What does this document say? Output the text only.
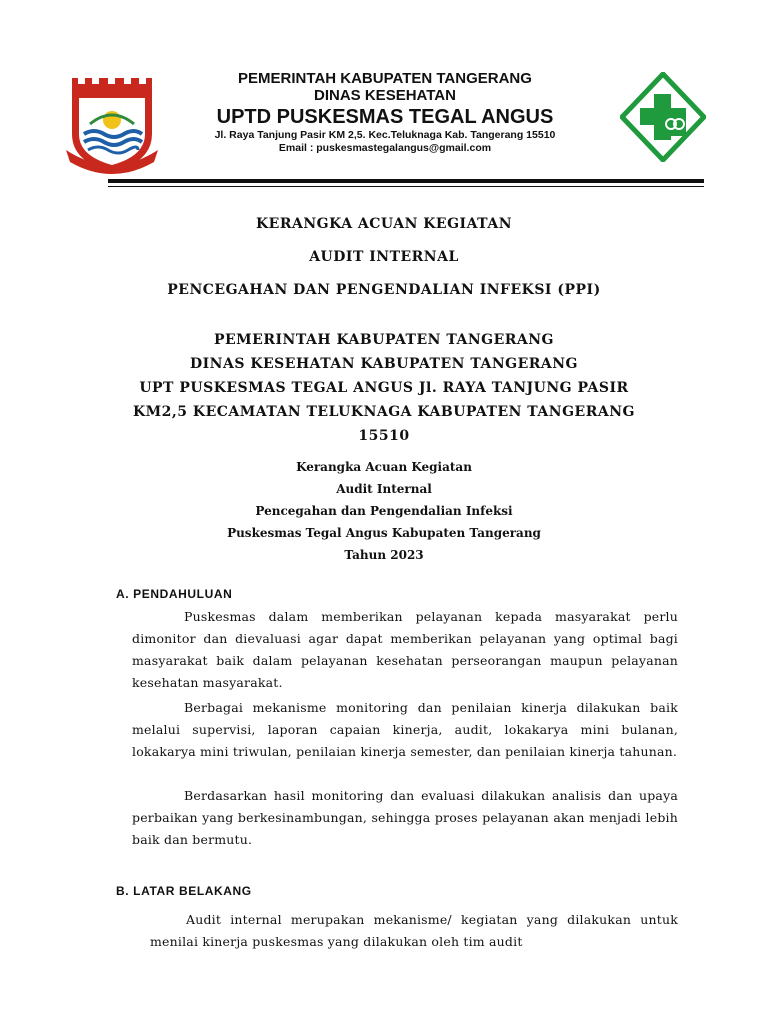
PEMERINTAH KABUPATEN TANGERANG
DINAS KESEHATAN
UPTD PUSKESMAS TEGAL ANGUS
Jl. Raya Tanjung Pasir KM 2,5. Kec.Teluknaga Kab. Tangerang 15510
Email : puskesmastegalangus@gmail.com
KERANGKA ACUAN KEGIATAN
AUDIT INTERNAL
PENCEGAHAN DAN PENGENDALIAN INFEKSI (PPI)
PEMERINTAH KABUPATEN TANGERANG
DINAS KESEHATAN KABUPATEN TANGERANG
UPT PUSKESMAS TEGAL ANGUS Jl. RAYA TANJUNG PASIR
KM2,5 KECAMATAN TELUKNAGA KABUPATEN TANGERANG
15510
Kerangka Acuan Kegiatan
Audit Internal
Pencegahan dan Pengendalian Infeksi
Puskesmas Tegal Angus Kabupaten Tangerang
Tahun 2023
A. PENDAHULUAN

Puskesmas dalam memberikan pelayanan kepada masyarakat perlu dimonitor dan dievaluasi agar dapat memberikan pelayanan yang optimal bagi masyarakat baik dalam pelayanan kesehatan perseorangan maupun pelayanan kesehatan masyarakat.

Berbagai mekanisme monitoring dan penilaian kinerja dilakukan baik melalui supervisi, laporan capaian kinerja, audit, lokakarya mini bulanan, lokakarya mini triwulan, penilaian kinerja semester, dan penilaian kinerja tahunan.

Berdasarkan hasil monitoring dan evaluasi dilakukan analisis dan upaya perbaikan yang berkesinambungan, sehingga proses pelayanan akan menjadi lebih baik dan bermutu.

B. LATAR BELAKANG

Audit internal merupakan mekanisme/ kegiatan yang dilakukan untuk menilai kinerja puskesmas yang dilakukan oleh tim audit
